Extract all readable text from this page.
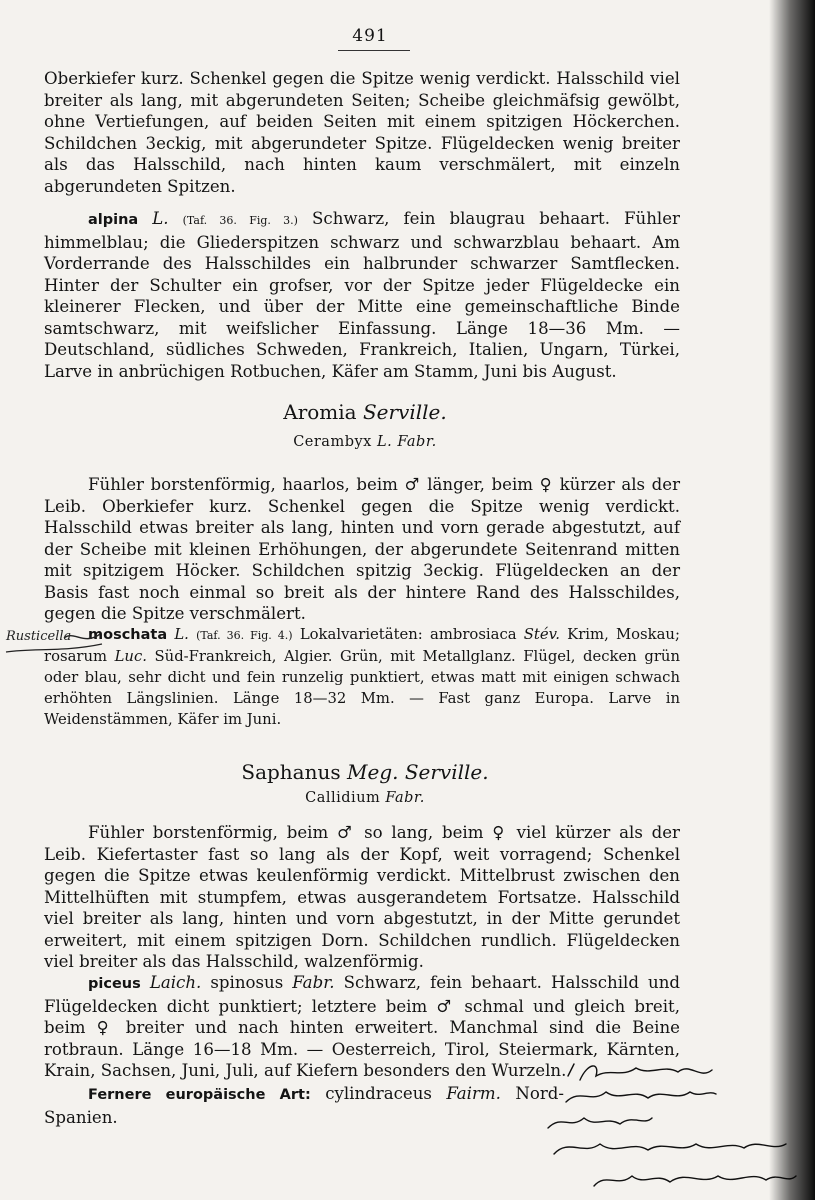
491

Oberkiefer kurz. Schenkel gegen die Spitze wenig verdickt. Halsschild viel breiter als lang, mit abgerundeten Seiten; Scheibe gleichmäfsig gewölbt, ohne Vertiefungen, auf beiden Seiten mit einem spitzigen Höckerchen. Schildchen 3eckig, mit abgerundeter Spitze. Flügeldecken wenig breiter als das Halsschild, nach hinten kaum verschmälert, mit einzeln abgerundeten Spitzen.

alpina L. (Taf. 36. Fig. 3.) Schwarz, fein blaugrau behaart. Fühler himmelblau; die Gliederspitzen schwarz und schwarzblau behaart. Am Vorderrande des Halsschildes ein halbrunder schwarzer Samtflecken. Hinter der Schulter ein grofser, vor der Spitze jeder Flügeldecke ein kleinerer Flecken, und über der Mitte eine gemeinschaftliche Binde samtschwarz, mit weifslicher Einfassung. Länge 18—36 Mm. — Deutschland, südliches Schweden, Frankreich, Italien, Ungarn, Türkei, Larve in anbrüchigen Rotbuchen, Käfer am Stamm, Juni bis August.

Aromia Serville.
Cerambyx L. Fabr.

Fühler borstenförmig, haarlos, beim ♂ länger, beim ♀ kürzer als der Leib. Oberkiefer kurz. Schenkel gegen die Spitze wenig verdickt. Halsschild etwas breiter als lang, hinten und vorn gerade abgestutzt, auf der Scheibe mit kleinen Erhöhungen, der abgerundete Seitenrand mitten mit spitzigem Höcker. Schildchen spitzig 3eckig. Flügeldecken an der Basis fast noch einmal so breit als der hintere Rand des Halsschildes, gegen die Spitze verschmälert.

moschata L. (Taf. 36. Fig. 4.) Lokalvarietäten: ambrosiaca Stév. Krim, Moskau; rosarum Luc. Süd-Frankreich, Algier. Grün, mit Metallglanz. Flügel, decken grün oder blau, sehr dicht und fein runzelig punktiert, etwas matt mit einigen schwach erhöhten Längslinien. Länge 18—32 Mm. — Fast ganz Europa. Larve in Weidenstämmen, Käfer im Juni.

Rusticella
Saphanus Meg. Serville.
Callidium Fabr.

Fühler borstenförmig, beim ♂ so lang, beim ♀ viel kürzer als der Leib. Kiefertaster fast so lang als der Kopf, weit vorragend; Schenkel gegen die Spitze etwas keulenförmig verdickt. Mittelbrust zwischen den Mittelhüften mit stumpfem, etwas ausgerandetem Fortsatze. Halsschild viel breiter als lang, hinten und vorn abgestutzt, in der Mitte gerundet erweitert, mit einem spitzigen Dorn. Schildchen rundlich. Flügeldecken viel breiter als das Halsschild, walzenförmig.

piceus Laich. spinosus Fabr. Schwarz, fein behaart. Halsschild und Flügeldecken dicht punktiert; letztere beim ♂ schmal und gleich breit, beim ♀ breiter und nach hinten erweitert. Manchmal sind die Beine rotbraun. Länge 16—18 Mm. — Oesterreich, Tirol, Steiermark, Kärnten, Krain, Sachsen, Juni, Juli, auf Kiefern besonders den Wurzeln.

Fernere europäische Art: cylindraceus Fairm. Nord-Spanien.
